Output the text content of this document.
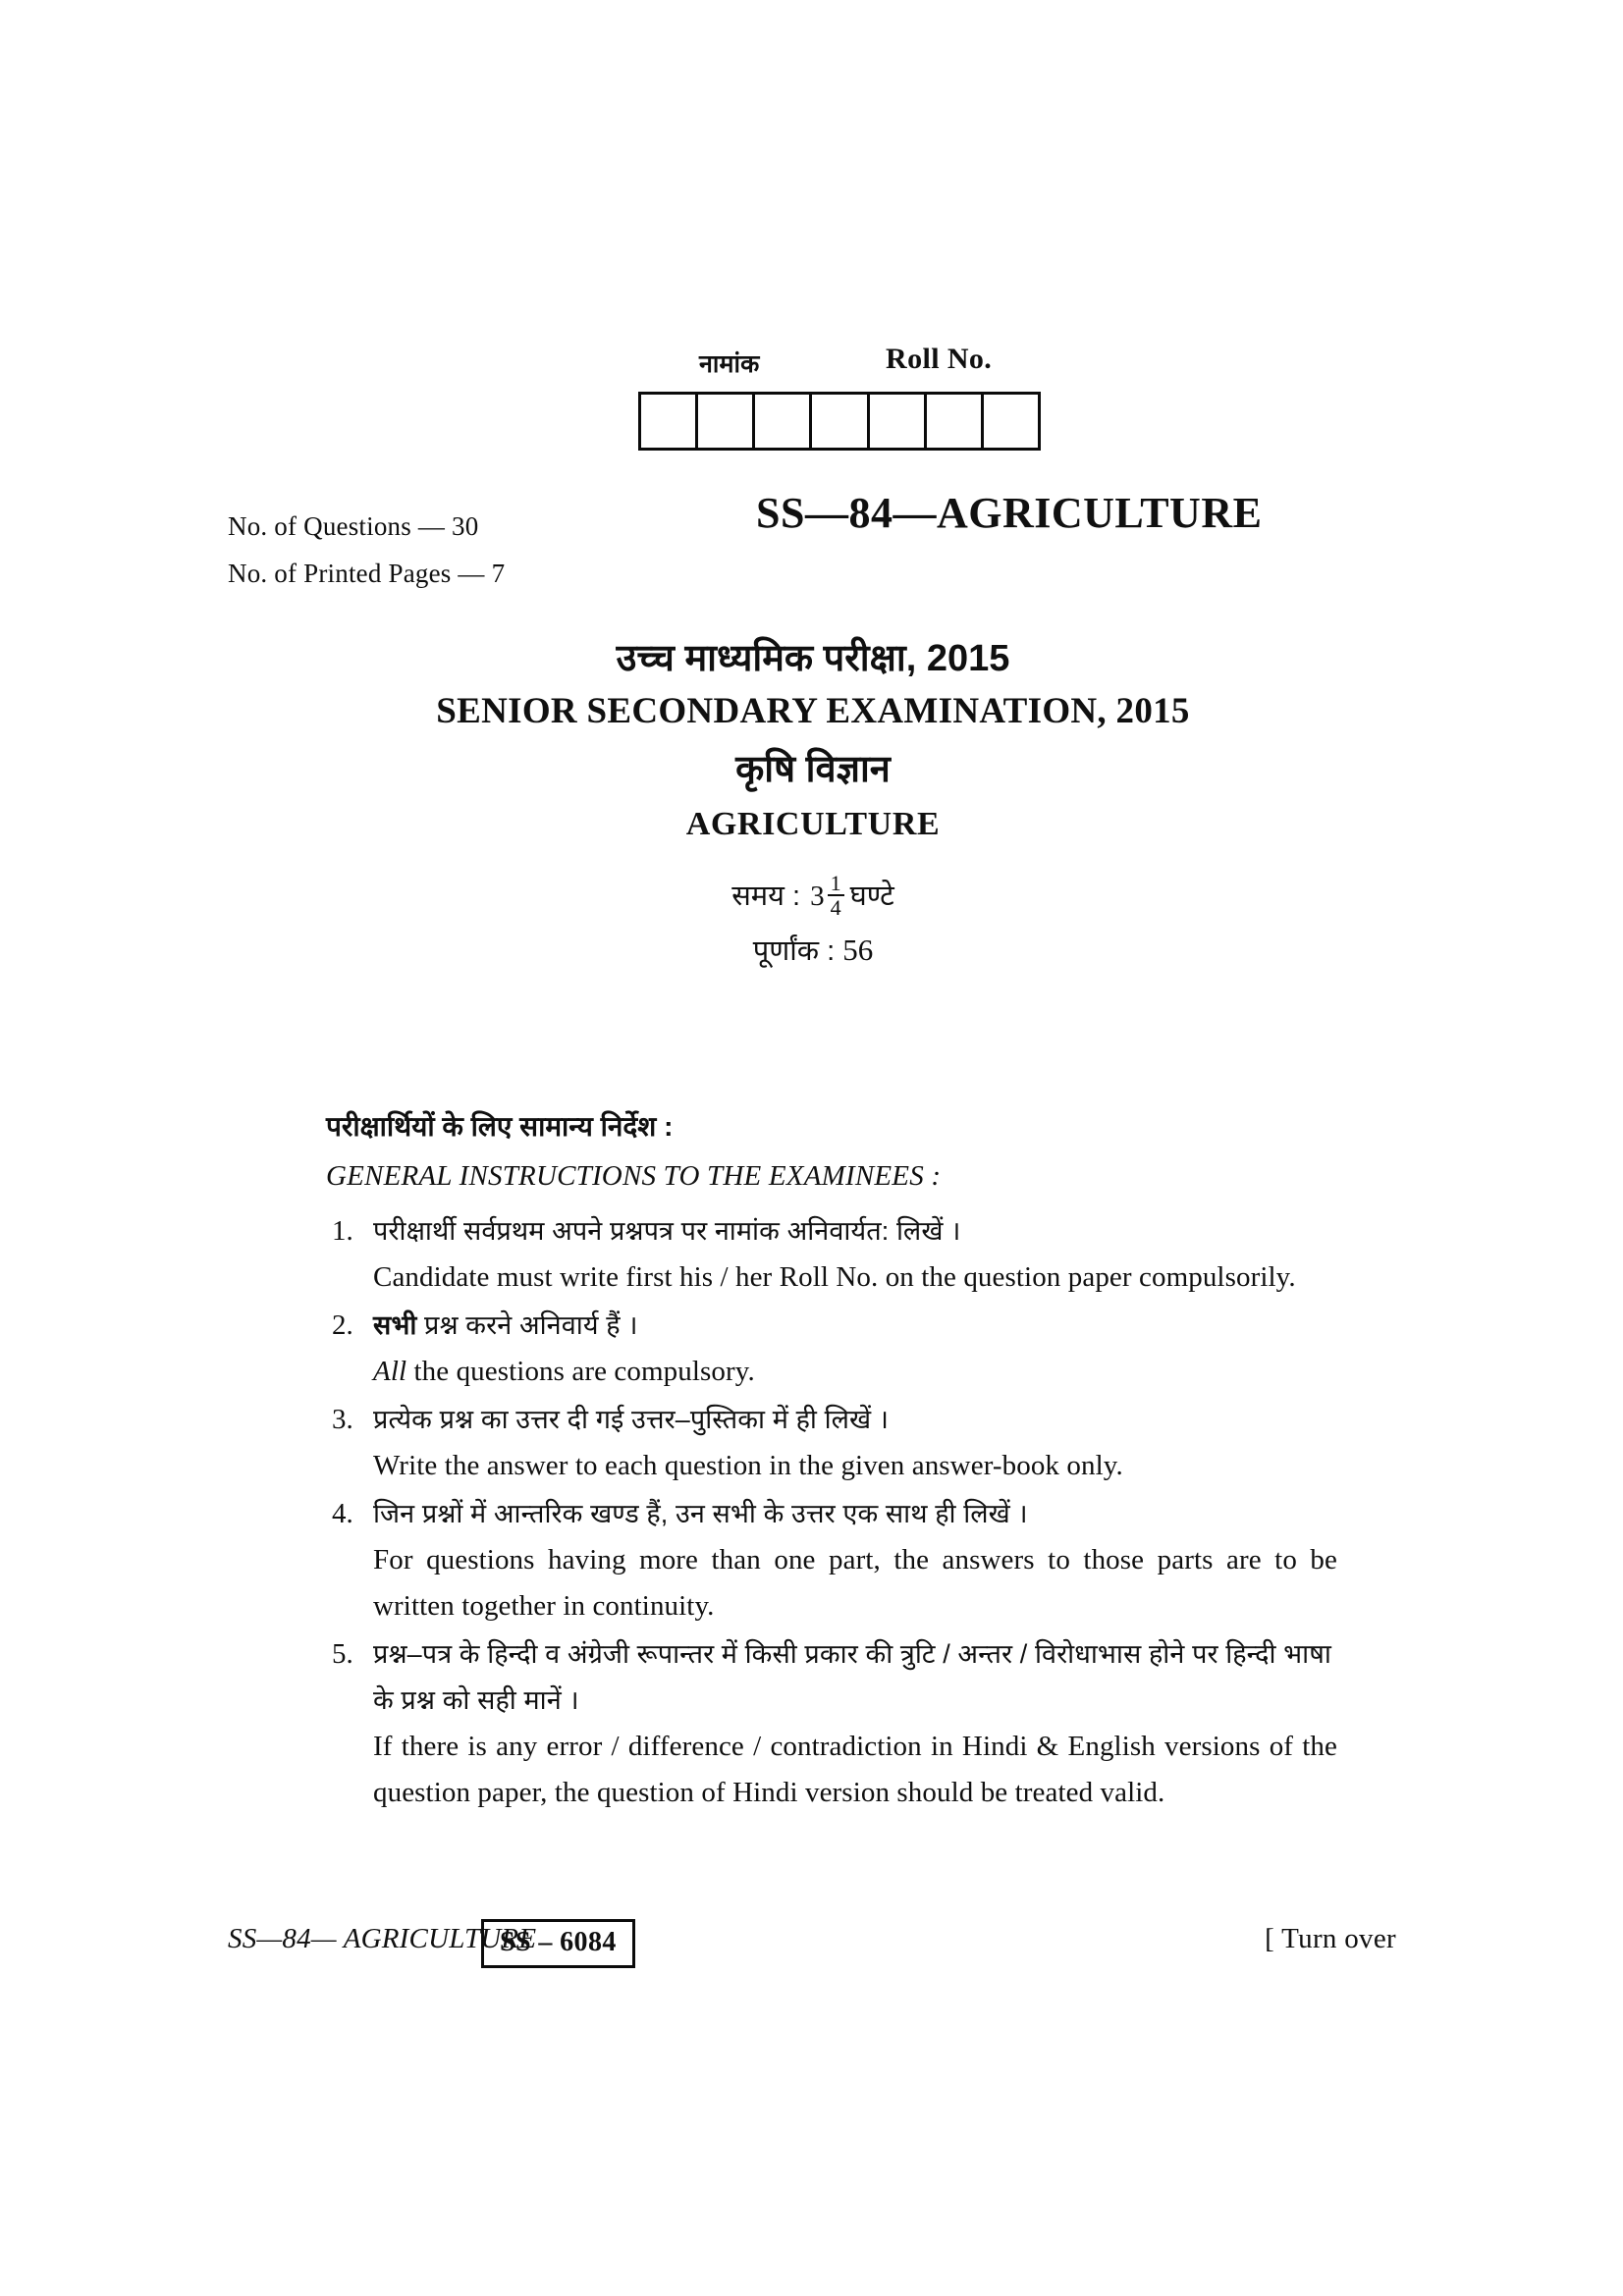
नामांक	Roll No.
No. of Questions — 30
No. of Printed Pages — 7
SS—84—AGRICULTURE
उच्च माध्यमिक परीक्षा, 2015
SENIOR SECONDARY EXAMINATION, 2015
कृषि विज्ञान
AGRICULTURE
समय : $3 \frac{1}{4}$ घण्टे
पूर्णांक : 56
परीक्षार्थियों के लिए सामान्य निर्देश :
GENERAL INSTRUCTIONS TO THE EXAMINEES :
1. परीक्षार्थी सर्वप्रथम अपने प्रश्नपत्र पर नामांक अनिवार्यत: लिखें ।
Candidate must write first his / her Roll No. on the question paper compulsorily.
2. सभी प्रश्न करने अनिवार्य हैं ।
All the questions are compulsory.
3. प्रत्येक प्रश्न का उत्तर दी गई उत्तर–पुस्तिका में ही लिखें ।
Write the answer to each question in the given answer-book only.
4. जिन प्रश्नों में आन्तरिक खण्ड हैं, उन सभी के उत्तर एक साथ ही लिखें ।
For questions having more than one part, the answers to those parts are to be written together in continuity.
5. प्रश्न–पत्र के हिन्दी व अंग्रेजी रूपान्तर में किसी प्रकार की त्रुटि / अन्तर / विरोधाभास होने पर हिन्दी भाषा के प्रश्न को सही मानें ।
If there is any error / difference / contradiction in Hindi & English versions of the question paper, the question of Hindi version should be treated valid.
SS—84— AGRICULTURE
SS – 6084	[ Turn over
